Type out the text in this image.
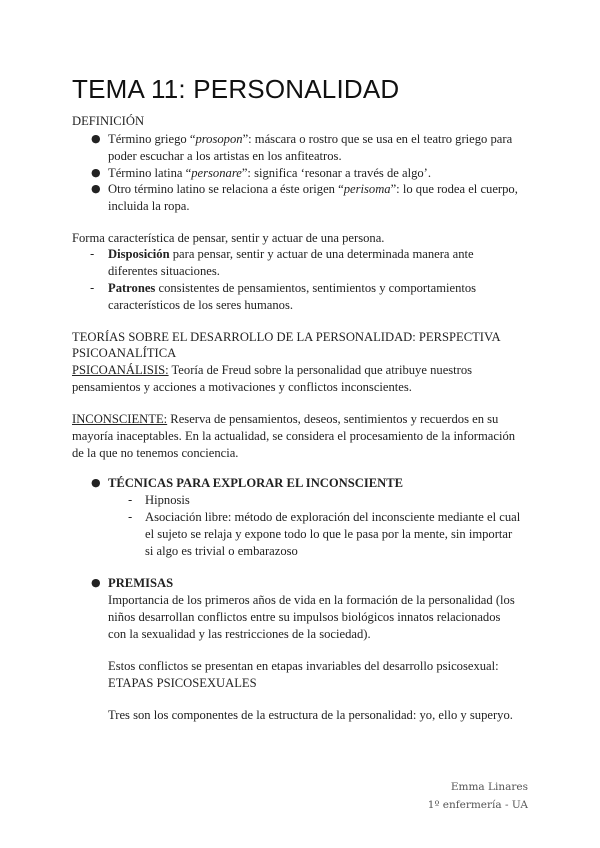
TEMA 11: PERSONALIDAD
DEFINICIÓN
● Término griego “prosopon”: máscara o rostro que se usa en el teatro griego para
poder escuchar a los artistas en los anfiteatros.
● Término latina “personare”: significa ‘resonar a través de algo’.
● Otro término latino se relaciona a éste origen “perisoma”: lo que rodea el cuerpo,
incluida la ropa.
Forma característica de pensar, sentir y actuar de una persona.
- Disposición para pensar, sentir y actuar de una determinada manera ante
diferentes situaciones.
- Patrones consistentes de pensamientos, sentimientos y comportamientos
característicos de los seres humanos.
TEORÍAS SOBRE EL DESARROLLO DE LA PERSONALIDAD: PERSPECTIVA
PSICOANALÍTICA
PSICOANÁLISIS: Teoría de Freud sobre la personalidad que atribuye nuestros
pensamientos y acciones a motivaciones y conflictos inconscientes.
INCONSCIENTE: Reserva de pensamientos, deseos, sentimientos y recuerdos en su
mayoría inaceptables. En la actualidad, se considera el procesamiento de la información
de la que no tenemos conciencia.
● TÉCNICAS PARA EXPLORAR EL INCONSCIENTE
- Hipnosis
- Asociación libre: método de exploración del inconsciente mediante el cual
el sujeto se relaja y expone todo lo que le pasa por la mente, sin importar
si algo es trivial o embarazoso
● PREMISAS
Importancia de los primeros años de vida en la formación de la personalidad (los
niños desarrollan conflictos entre su impulsos biológicos innatos relacionados
con la sexualidad y las restricciones de la sociedad).
Estos conflictos se presentan en etapas invariables del desarrollo psicosexual:
ETAPAS PSICOSEXUALES
Tres son los componentes de la estructura de la personalidad: yo, ello y superyo.
Emma Linares
1º enfermería - UA
